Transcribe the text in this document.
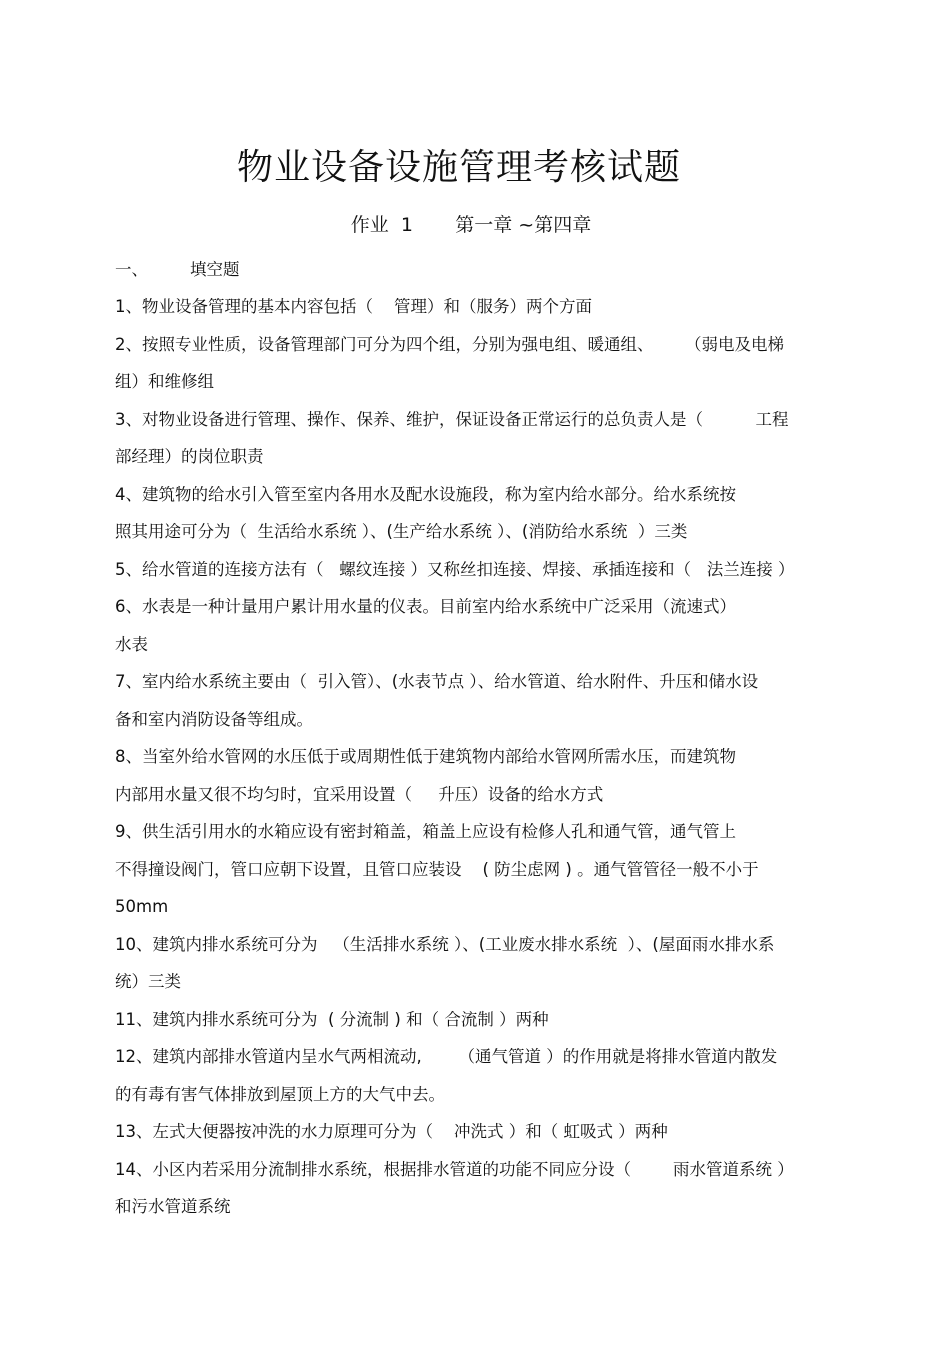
物业设备设施管理考核试题
作业  1       第一章 ~第四章
一、        填空题
1、物业设备管理的基本内容包括（    管理）和（服务）两个方面
2、按照专业性质，设备管理部门可分为四个组，分别为强电组、暖通组、      （弱电及电梯
组）和维修组
3、对物业设备进行管理、操作、保养、维护，保证设备正常运行的总负责人是（          工程
部经理）的岗位职责
4、建筑物的给水引入管至室内各用水及配水设施段，称为室内给水部分。给水系统按
照其用途可分为（  生活给水系统 ）、(生产给水系统 ）、(消防给水系统  ）三类
5、给水管道的连接方法有（   螺纹连接 ）又称丝扣连接、焊接、承插连接和（   法兰连接 ）
6、水表是一种计量用户累计用水量的仪表。目前室内给水系统中广泛采用（流速式）
水表
7、室内给水系统主要由（  引入管）、(水表节点 ）、给水管道、给水附件、升压和储水设
备和室内消防设备等组成。
8、当室外给水管网的水压低于或周期性低于建筑物内部给水管网所需水压，而建筑物
内部用水量又很不均匀时，宜采用设置（     升压）设备的给水方式
9、供生活引用水的水箱应设有密封箱盖，箱盖上应设有检修人孔和通气管，通气管上
不得撞设阀门，管口应朝下设置，且管口应装设    ( 防尘虑网 ) 。通气管管径一般不小于
50mm
10、建筑内排水系统可分为   （生活排水系统 ）、(工业废水排水系统  ）、(屋面雨水排水系
统）三类
11、建筑内排水系统可分为  ( 分流制 ) 和（ 合流制 ）两种
12、建筑内部排水管道内呈水气两相流动,       （通气管道 ）的作用就是将排水管道内散发
的有毒有害气体排放到屋顶上方的大气中去。
13、左式大便器按冲洗的水力原理可分为（    冲洗式 ）和（ 虹吸式 ）两种
14、小区内若采用分流制排水系统，根据排水管道的功能不同应分设（        雨水管道系统 ）
和污水管道系统
